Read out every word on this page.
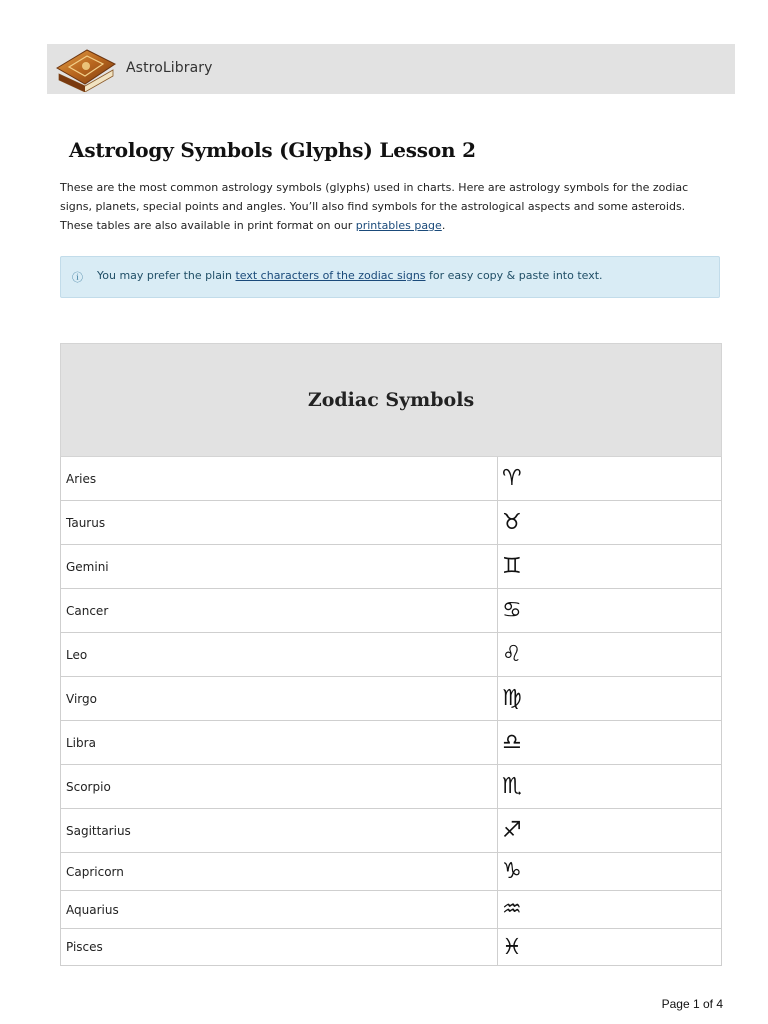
AstroLibrary
Astrology Symbols (Glyphs) Lesson 2

These are the most common astrology symbols (glyphs) used in charts. Here are astrology symbols for the zodiac signs, planets, special points and angles. You’ll also find symbols for the astrological aspects and some asteroids. These tables are also available in print format on our printables page.

ⓘ You may prefer the plain text characters of the zodiac signs for easy copy & paste into text.
Zodiac Symbols	
Aries	♈︎
Taurus	♉︎
Gemini	♊︎
Cancer	♋︎
Leo	♌︎
Virgo	♍︎
Libra	♎︎
Scorpio	♏︎
Sagittarius	♐︎
Capricorn	♑︎
Aquarius	♒︎
Pisces	♓︎
Page 1 of 4
